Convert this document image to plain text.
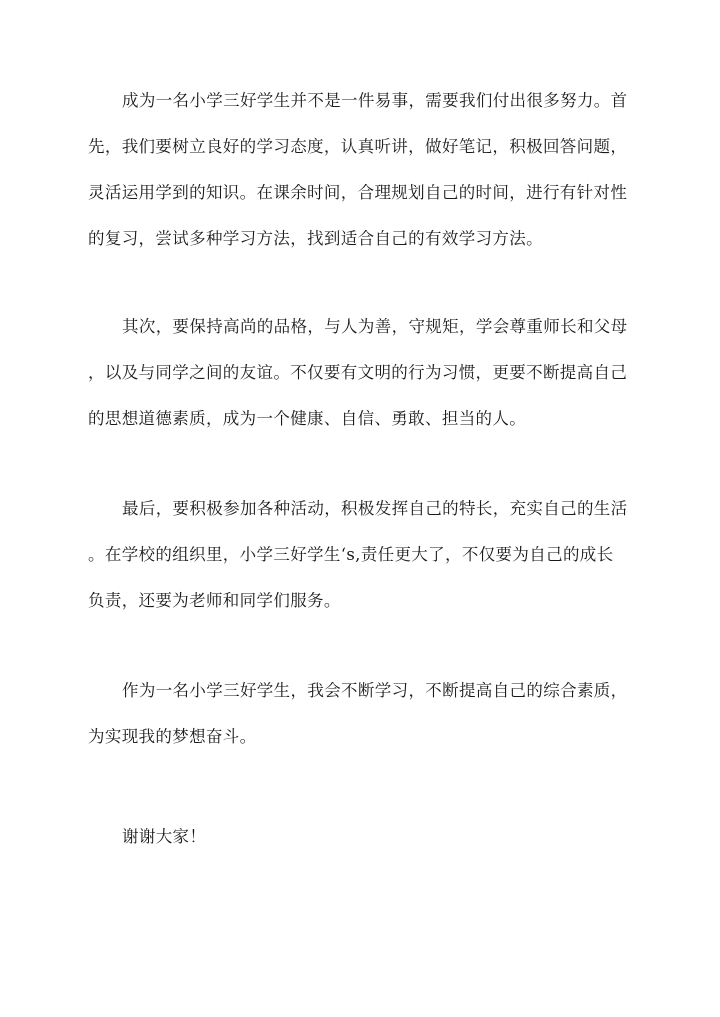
成为一名小学三好学生并不是一件易事，需要我们付出很多努力。首
先，我们要树立良好的学习态度，认真听讲，做好笔记，积极回答问题，
灵活运用学到的知识。在课余时间，合理规划自己的时间，进行有针对性
的复习，尝试多种学习方法，找到适合自己的有效学习方法。
其次，要保持高尚的品格，与人为善，守规矩，学会尊重师长和父母
，以及与同学之间的友谊。不仅要有文明的行为习惯，更要不断提高自己
的思想道德素质，成为一个健康、自信、勇敢、担当的人。
最后，要积极参加各种活动，积极发挥自己的特长，充实自己的生活
。在学校的组织里，小学三好学生‘s,责任更大了，不仅要为自己的成长
负责，还要为老师和同学们服务。
作为一名小学三好学生，我会不断学习，不断提高自己的综合素质，
为实现我的梦想奋斗。
谢谢大家！
